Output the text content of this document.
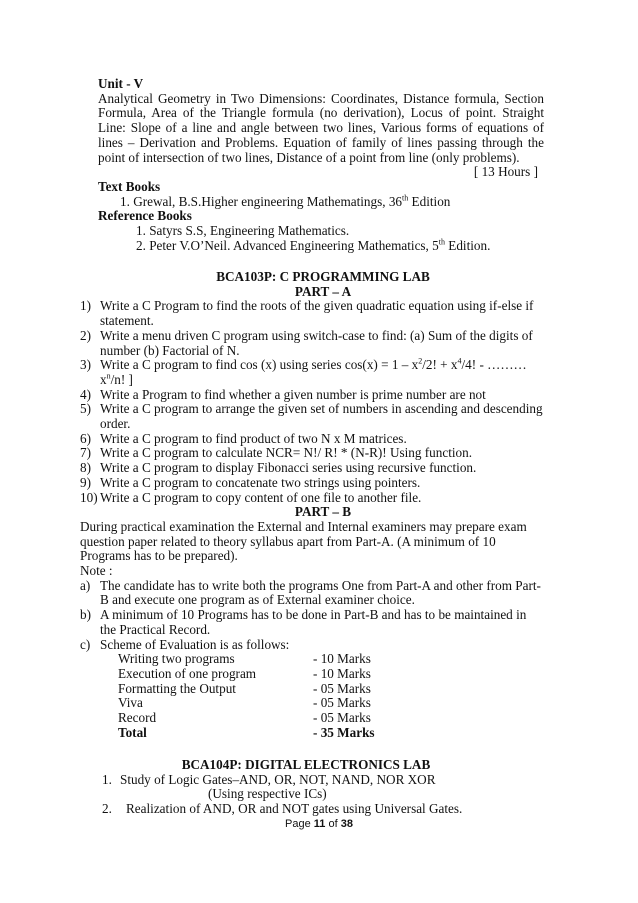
Unit - V
Analytical Geometry in Two Dimensions: Coordinates, Distance formula, Section Formula, Area of the Triangle formula (no derivation), Locus of point. Straight Line: Slope of a line and angle between two lines, Various forms of equations of lines – Derivation and Problems. Equation of family of lines passing through the point of intersection of two lines, Distance of a point from line (only problems).
[ 13 Hours ]
Text Books
1. Grewal, B.S.Higher engineering Mathematings, 36th Edition
Reference Books
1. Satyrs S.S, Engineering Mathematics.
2. Peter V.O’Neil. Advanced Engineering Mathematics, 5th Edition.
BCA103P: C PROGRAMMING LAB
PART – A
1) Write a C Program to find the roots of the given quadratic equation using if-else if statement.
2) Write a menu driven C program using switch-case to find: (a) Sum of the digits of number (b) Factorial of N.
3) Write a C program to find cos (x) using series $\cos(x) = 1 - x^2/2$! + $x^4/4$! - $\dots\dots\dots x^n/n$! ]
4) Write a Program to find whether a given number is prime number are not
5) Write a C program to arrange the given set of numbers in ascending and descending order.
6) Write a C program to find product of two N x M matrices.
7) Write a C program to calculate NCR= N!/ R! * (N-R)! Using function.
8) Write a C program to display Fibonacci series using recursive function.
9) Write a C program to concatenate two strings using pointers.
10) Write a C program to copy content of one file to another file.
PART – B
During practical examination the External and Internal examiners may prepare exam question paper related to theory syllabus apart from Part-A. (A minimum of 10 Programs has to be prepared).
Note :
a) The candidate has to write both the programs One from Part-A and other from Part-B and execute one program as of External examiner choice.
b) A minimum of 10 Programs has to be done in Part-B and has to be maintained in the Practical Record.
c) Scheme of Evaluation is as follows:
Writing two programs	- 10 Marks
Execution of one program	- 10 Marks
Formatting the Output	- 05 Marks
Viva	- 05 Marks
Record	- 05 Marks
Total	- 35 Marks
BCA104P: DIGITAL ELECTRONICS LAB
1. Study of Logic Gates–AND, OR, NOT, NAND, NOR XOR
(Using respective ICs)
2. Realization of AND, OR and NOT gates using Universal Gates.
Page 11 of 38
